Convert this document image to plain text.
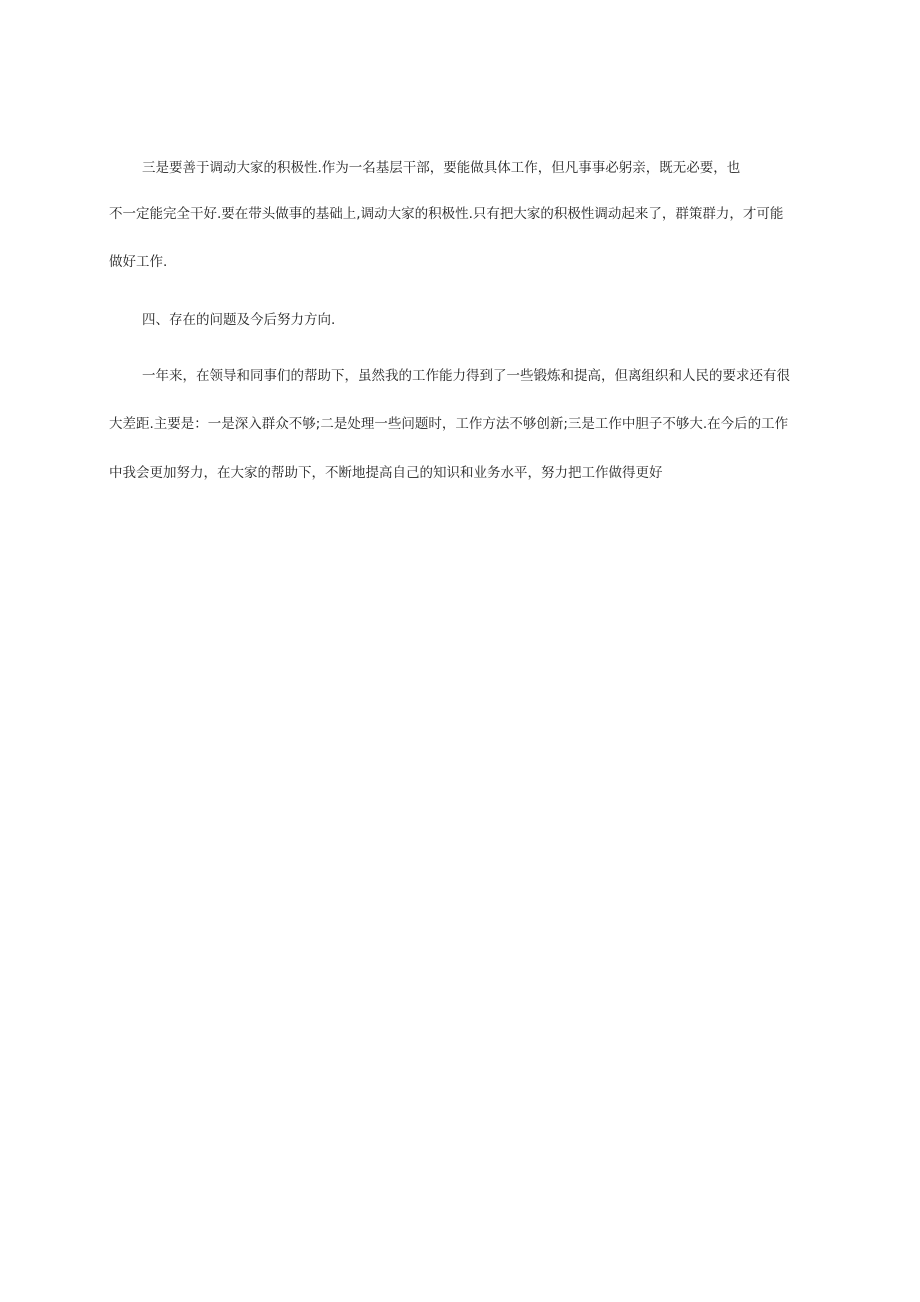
三是要善于调动大家的积极性.作为一名基层干部，要能做具体工作，但凡事事必躬亲，既无必要，也
不一定能完全干好.要在带头做事的基础上,调动大家的积极性.只有把大家的积极性调动起来了，群策群力，才可能
做好工作.
四、存在的问题及今后努力方向.
一年来，在领导和同事们的帮助下，虽然我的工作能力得到了一些锻炼和提高，但离组织和人民的要求还有很
大差距.主要是：一是深入群众不够;二是处理一些问题时，工作方法不够创新;三是工作中胆子不够大.在今后的工作
中我会更加努力，在大家的帮助下，不断地提高自己的知识和业务水平，努力把工作做得更好
